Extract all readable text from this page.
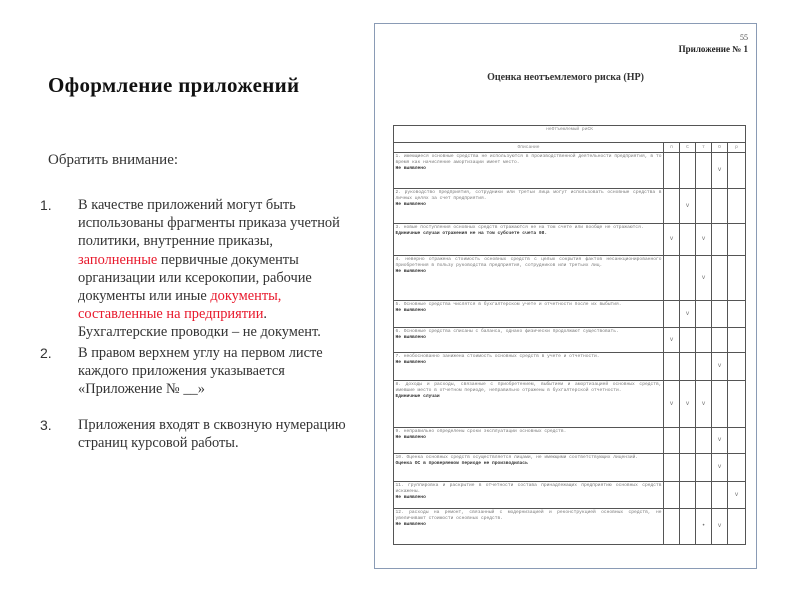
Оформление приложений
Обратить внимание:
1. В качестве приложений могут быть использованы фрагменты приказа учетной политики, внутренние приказы, заполненные первичные документы организации или ксерокопии, рабочие документы или иные документы, составленные на предприятии. Бухгалтерские проводки – не документ.
2. В правом верхнем углу на первом листе каждого приложения указывается «Приложение № __»
3. Приложения входят в сквозную нумерацию страниц курсовой работы.
55
Приложение № 1
Оценка неотъемлемого риска (НР)
неОтъемлемый риСК					
Описание	п	С	т	О	р

1. имеющиеся основные средства не используются в производственной деятельности предприятия, в то время как начисление амортизации имеет место.
Не выявлено				v	

2. руководство предприятия, сотрудники или третьи лица могут использовать основные средства в личных целях за счет предприятия.
Не выявлено		v			

3. новые поступления основных средств отражаются не на том счете или вообще не отражаются.
Единичные случаи отражения не на том субсчете счета 08.	v		v		

4. неверно отражена стоимость основных средств с целью сокрытия фактов несанкционированного приобретения в пользу руководства предприятия, сотрудников или третьих лиц.
Не выявлено			v		

5. Основные средства числятся в бухгалтерском учете и отчетности после их выбытия.
Не выявлено		v			

6. Основные средства списаны с баланса, однако физически продолжают существовать.
Не выявлено	v				

7. необоснованно занижена стоимость основных средств в учете и отчетности.
Не выявлено				v	

8. доходы и расходы, связанные с приобретением, выбытием и амортизацией основных средств, имевшие место в отчетном периоде, неправильно отражены в бухгалтерской отчетности.
Единичные случаи	v	v	v		

9. неправильно определены сроки эксплуатации основных средств.
Не выявлено				v	

10. Оценка основных средств осуществляется лицами, не имеющими соответствующих лицензий.
Оценка ОС в проверяемом периоде не производилась				v	

11. группировка и раскрытие в отчетности состава принадлежащих предприятию основных средств искажены.
Не выявлено					v

12. расходы на ремонт, связанный с модернизацией и реконструкцией основных средств, не увеличивают стоимости основных средств.
Не выявлено			•	v	
